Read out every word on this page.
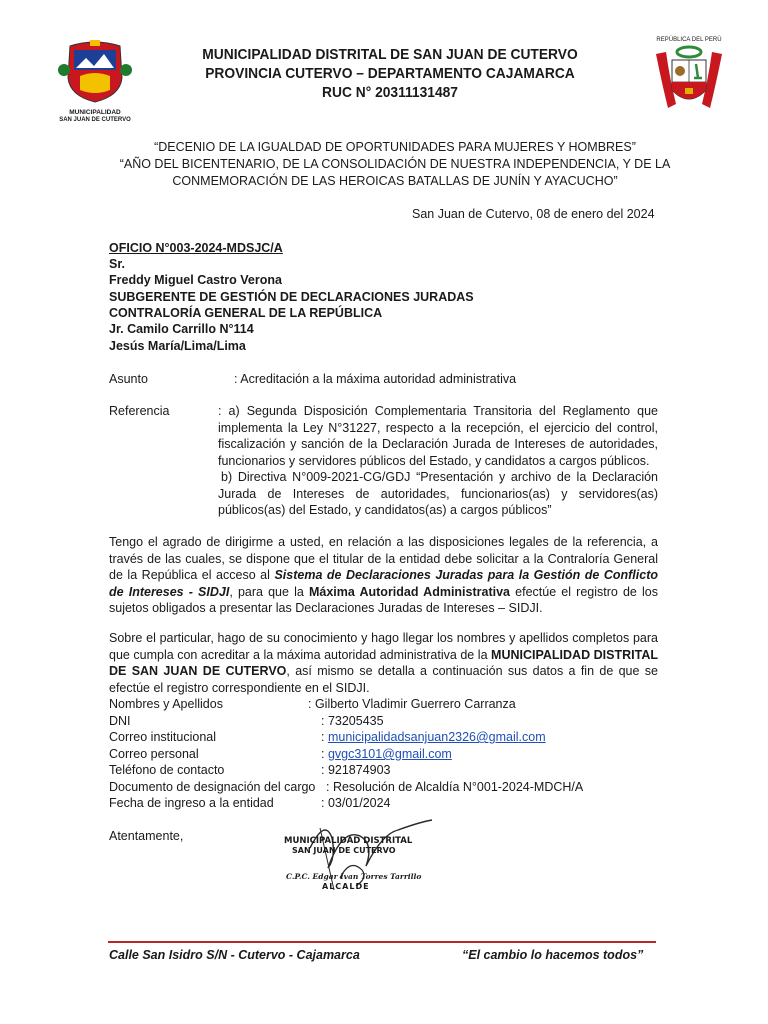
MUNICIPALIDAD
SAN JUAN DE CUTERVO
MUNICIPALIDAD DISTRITAL DE SAN JUAN DE CUTERVO
PROVINCIA CUTERVO – DEPARTAMENTO CAJAMARCA
RUC N° 20311131487
REPÚBLICA DEL PERÚ
“DECENIO DE LA IGUALDAD DE OPORTUNIDADES PARA MUJERES Y HOMBRES”
“AÑO DEL BICENTENARIO, DE LA CONSOLIDACIÓN DE NUESTRA INDEPENDENCIA, Y DE LA
CONMEMORACIÓN DE LAS HEROICAS BATALLAS DE JUNÍN Y AYACUCHO”
San Juan de Cutervo, 08 de enero del 2024
OFICIO N°003-2024-MDSJC/A
Sr.
Freddy Miguel Castro Verona
SUBGERENTE DE GESTIÓN DE DECLARACIONES JURADAS
CONTRALORÍA GENERAL DE LA REPÚBLICA
Jr. Camilo Carrillo N°114
Jesús María/Lima/Lima
Asunto	: Acreditación a la máxima autoridad administrativa
Referencia	: a) Segunda Disposición Complementaria Transitoria del Reglamento que implementa la Ley N°31227, respecto a la recepción, el ejercicio del control, fiscalización y sanción de la Declaración Jurada de Intereses de autoridades, funcionarios y servidores públicos del Estado, y candidatos a cargos públicos.
b) Directiva N°009-2021-CG/GDJ “Presentación y archivo de la Declaración Jurada de Intereses de autoridades, funcionarios(as) y servidores(as) públicos(as) del Estado, y candidatos(as) a cargos públicos”
Tengo el agrado de dirigirme a usted, en relación a las disposiciones legales de la referencia, a través de las cuales, se dispone que el titular de la entidad debe solicitar a la Contraloría General de la República el acceso al Sistema de Declaraciones Juradas para la Gestión de Conflicto de Intereses - SIDJI, para que la Máxima Autoridad Administrativa efectúe el registro de los sujetos obligados a presentar las Declaraciones Juradas de Intereses – SIDJI.
Sobre el particular, hago de su conocimiento y hago llegar los nombres y apellidos completos para que cumpla con acreditar a la máxima autoridad administrativa de la MUNICIPALIDAD DISTRITAL DE SAN JUAN DE CUTERVO, así mismo se detalla a continuación sus datos a fin de que se efectúe el registro correspondiente en el SIDJI.
Nombres y Apellidos	: Gilberto Vladimir Guerrero Carranza
DNI	: 73205435
Correo institucional	: municipalidadsanjuan2326@gmail.com
Correo personal	: gvgc3101@gmail.com
Teléfono de contacto	: 921874903
Documento de designación del cargo : Resolución de Alcaldía N°001-2024-MDCH/A
Fecha de ingreso a la entidad	: 03/01/2024
Atentamente,	MUNICIPALIDAD DISTRITAL
SAN JUAN DE CUTERVO
C.P.C. Edgar Ivan Torres Tarrillo
ALCALDE
Calle San Isidro S/N - Cutervo - Cajamarca	“El cambio lo hacemos todos”
